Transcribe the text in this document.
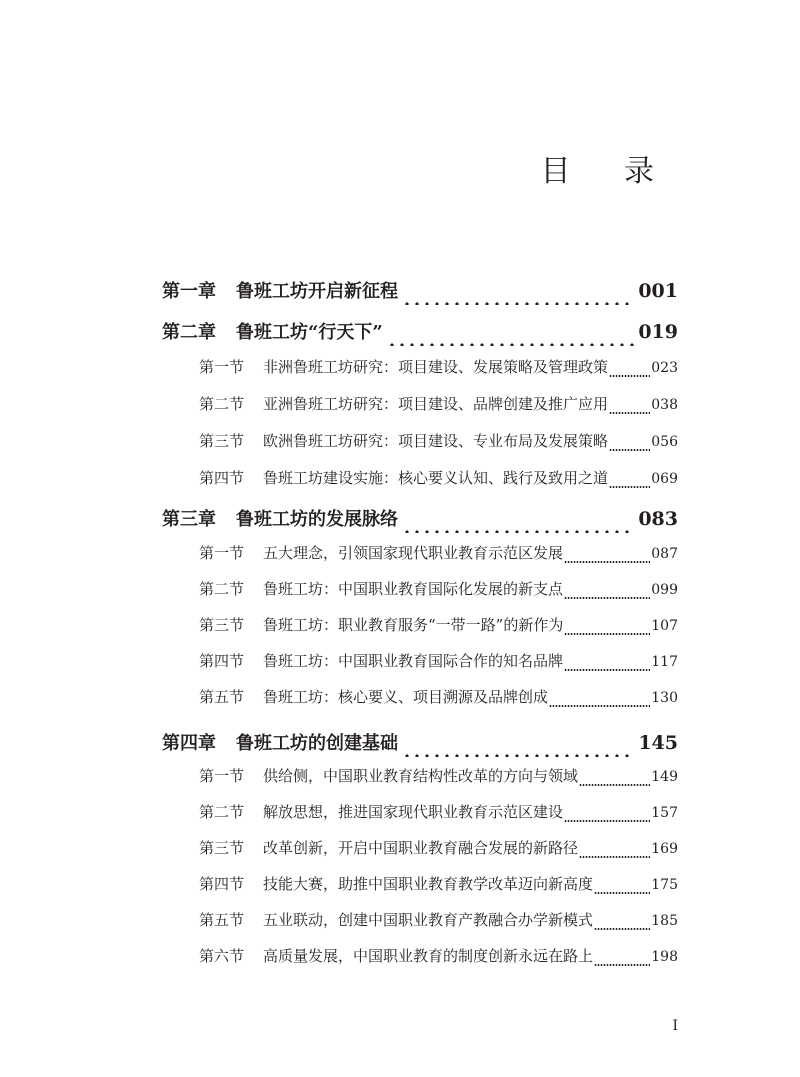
目 录
第一章	鲁班工坊开启新征程	001
第二章	鲁班工坊“行天下”	019
第一节	非洲鲁班工坊研究：项目建设、发展策略及管理政策	023
第二节	亚洲鲁班工坊研究：项目建设、品牌创建及推广应用	038
第三节	欧洲鲁班工坊研究：项目建设、专业布局及发展策略	056
第四节	鲁班工坊建设实施：核心要义认知、践行及致用之道	069
第三章	鲁班工坊的发展脉络	083
第一节	五大理念，引领国家现代职业教育示范区发展	087
第二节	鲁班工坊：中国职业教育国际化发展的新支点	099
第三节	鲁班工坊：职业教育服务“一带一路”的新作为	107
第四节	鲁班工坊：中国职业教育国际合作的知名品牌	117
第五节	鲁班工坊：核心要义、项目溯源及品牌创成	130
第四章	鲁班工坊的创建基础	145
第一节	供给侧，中国职业教育结构性改革的方向与领域	149
第二节	解放思想，推进国家现代职业教育示范区建设	157
第三节	改革创新，开启中国职业教育融合发展的新路径	169
第四节	技能大赛，助推中国职业教育教学改革迈向新高度	175
第五节	五业联动，创建中国职业教育产教融合办学新模式	185
第六节	高质量发展，中国职业教育的制度创新永远在路上	198

I
